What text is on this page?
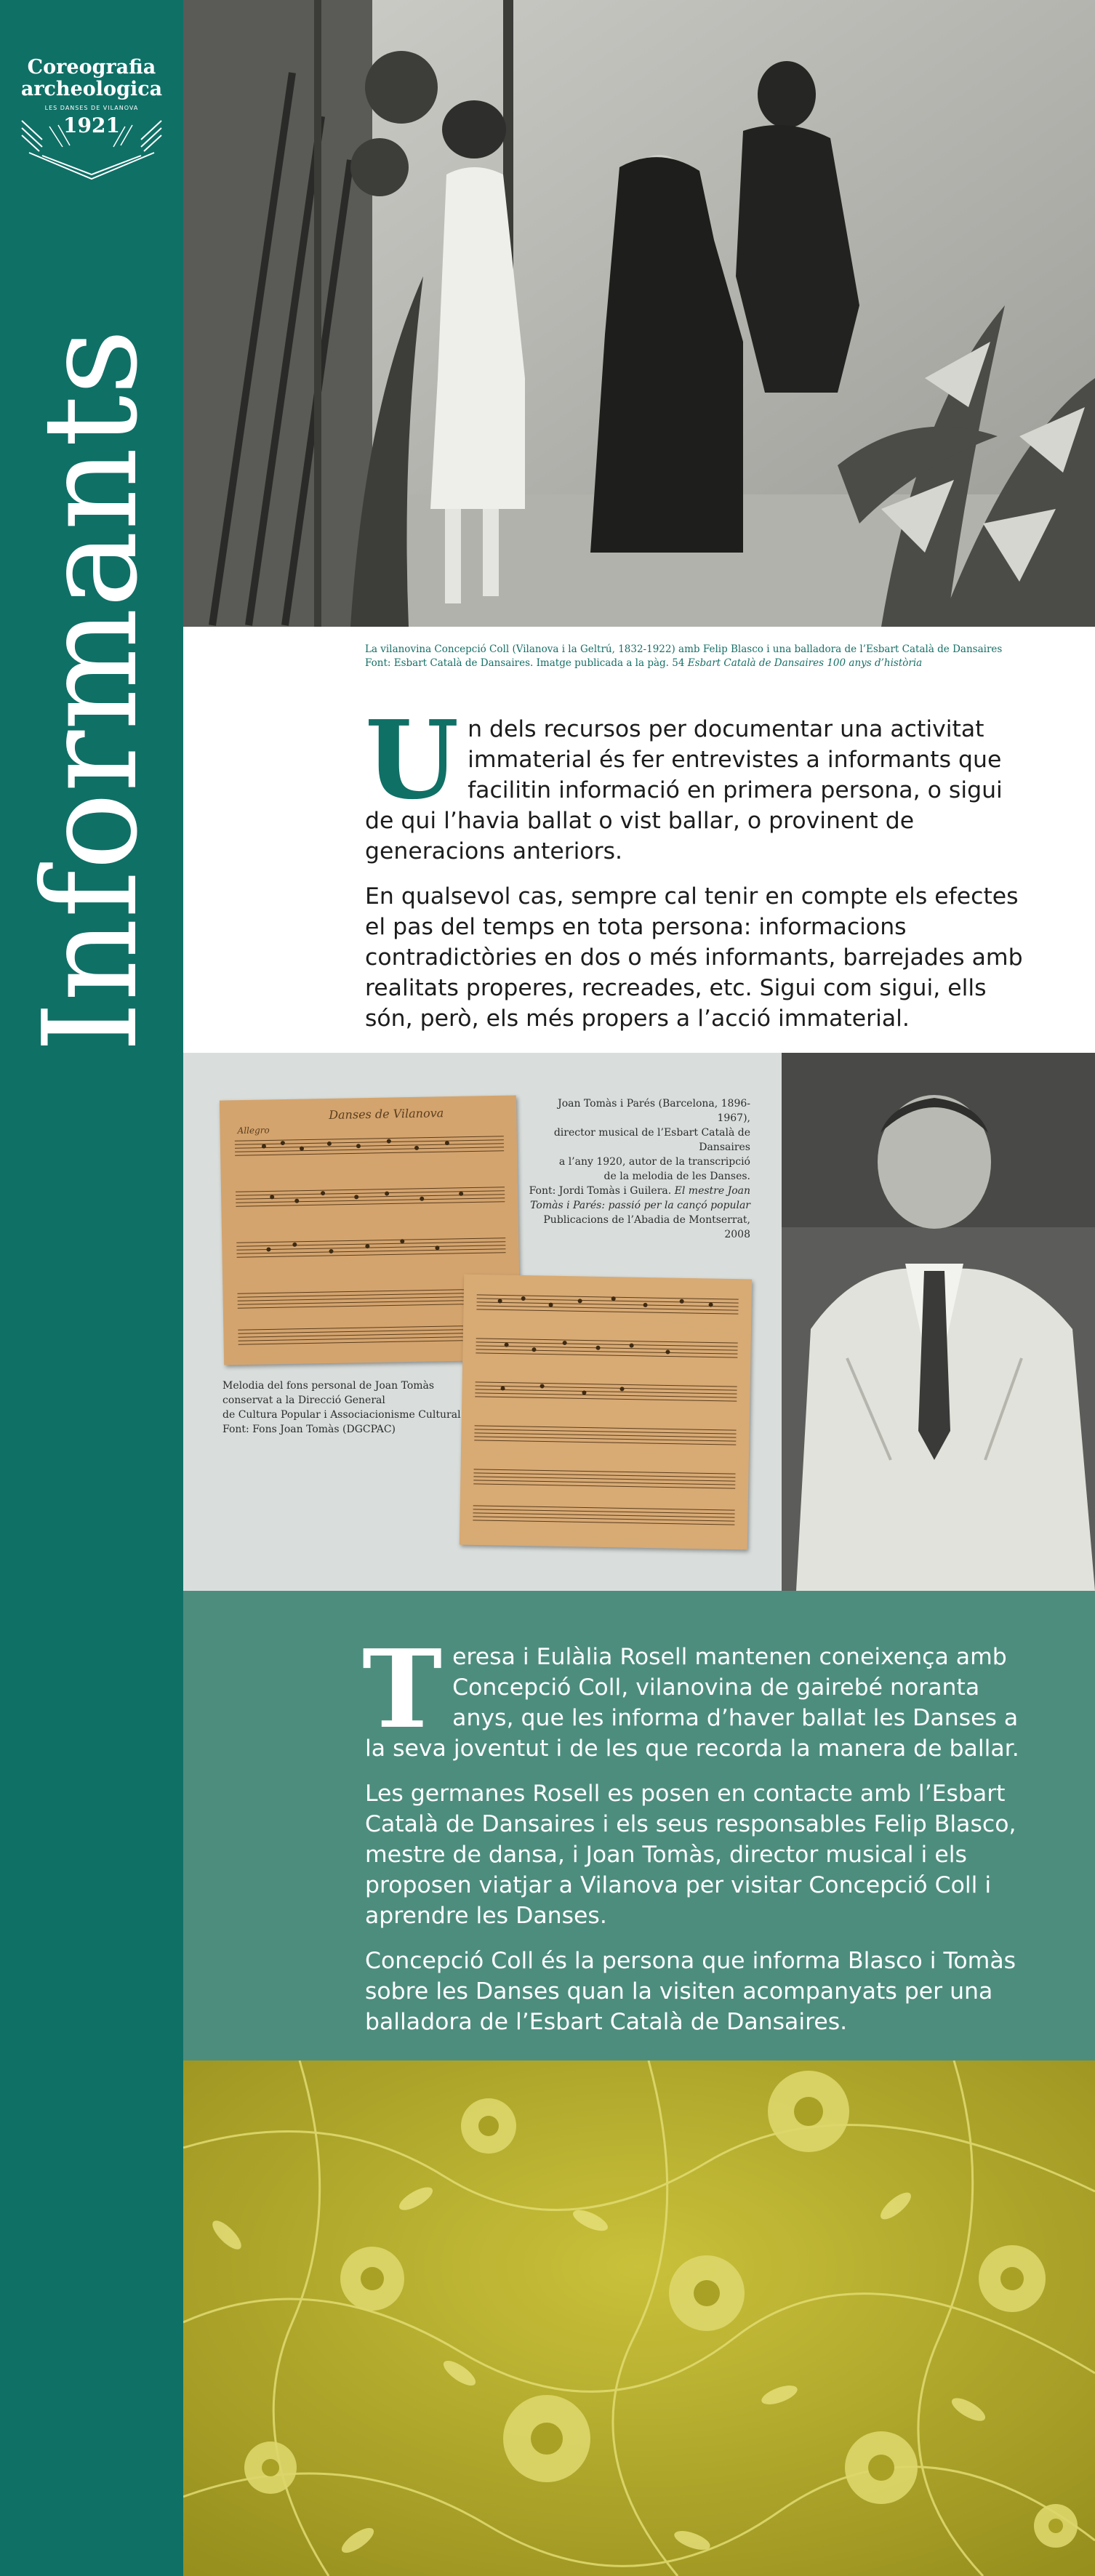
Coreografia
archeologica
LES DANSES DE VILANOVA
1921
Informants	La vilanovina Concepció Coll (Vilanova i la Geltrú, 1832-1922) amb Felip Blasco i una balladora de l’Esbart Català de Dansaires
Font: Esbart Català de Dansaires. Imatge publicada a la pàg. 54 Esbart Català de Dansaires 100 anys d’història
U n dels recursos per documentar una activitat immaterial és fer entrevistes a informants que facilitin informació en primera persona, o sigui de qui l’havia ballat o vist ballar, o provinent de generacions anteriors.

En qualsevol cas, sempre cal tenir en compte els efectes el pas del temps en tota persona: informacions contradictòries en dos o més informants, barrejades amb realitats properes, recreades, etc. Sigui com sigui, ells són, però, els més propers a l’acció immaterial.

Danses de Vilanova
Allegro
Joan Tomàs i Parés (Barcelona, 1896-1967),
director musical de l’Esbart Català de Dansaires
a l’any 1920, autor de la transcripció
de la melodia de les Danses.
Font: Jordi Tomàs i Guilera. El mestre Joan
Tomàs i Parés: passió per la cançó popular
Publicacions de l’Abadia de Montserrat, 2008
Melodia del fons personal de Joan Tomàs
conservat a la Direcció General
de Cultura Popular i Associacionisme Cultural
Font: Fons Joan Tomàs (DGCPAC)
T eresa i Eulàlia Rosell mantenen coneixença amb Concepció Coll, vilanovina de gairebé noranta anys, que les informa d’haver ballat les Danses a la seva joventut i de les que recorda la manera de ballar.

Les germanes Rosell es posen en contacte amb l’Esbart Català de Dansaires i els seus responsables Felip Blasco, mestre de dansa, i Joan Tomàs, director musical i els proposen viatjar a Vilanova per visitar Concepció Coll i aprendre les Danses.

Concepció Coll és la persona que informa Blasco i Tomàs sobre les Danses quan la visiten acompanyats per una balladora de l’Esbart Català de Dansaires.
